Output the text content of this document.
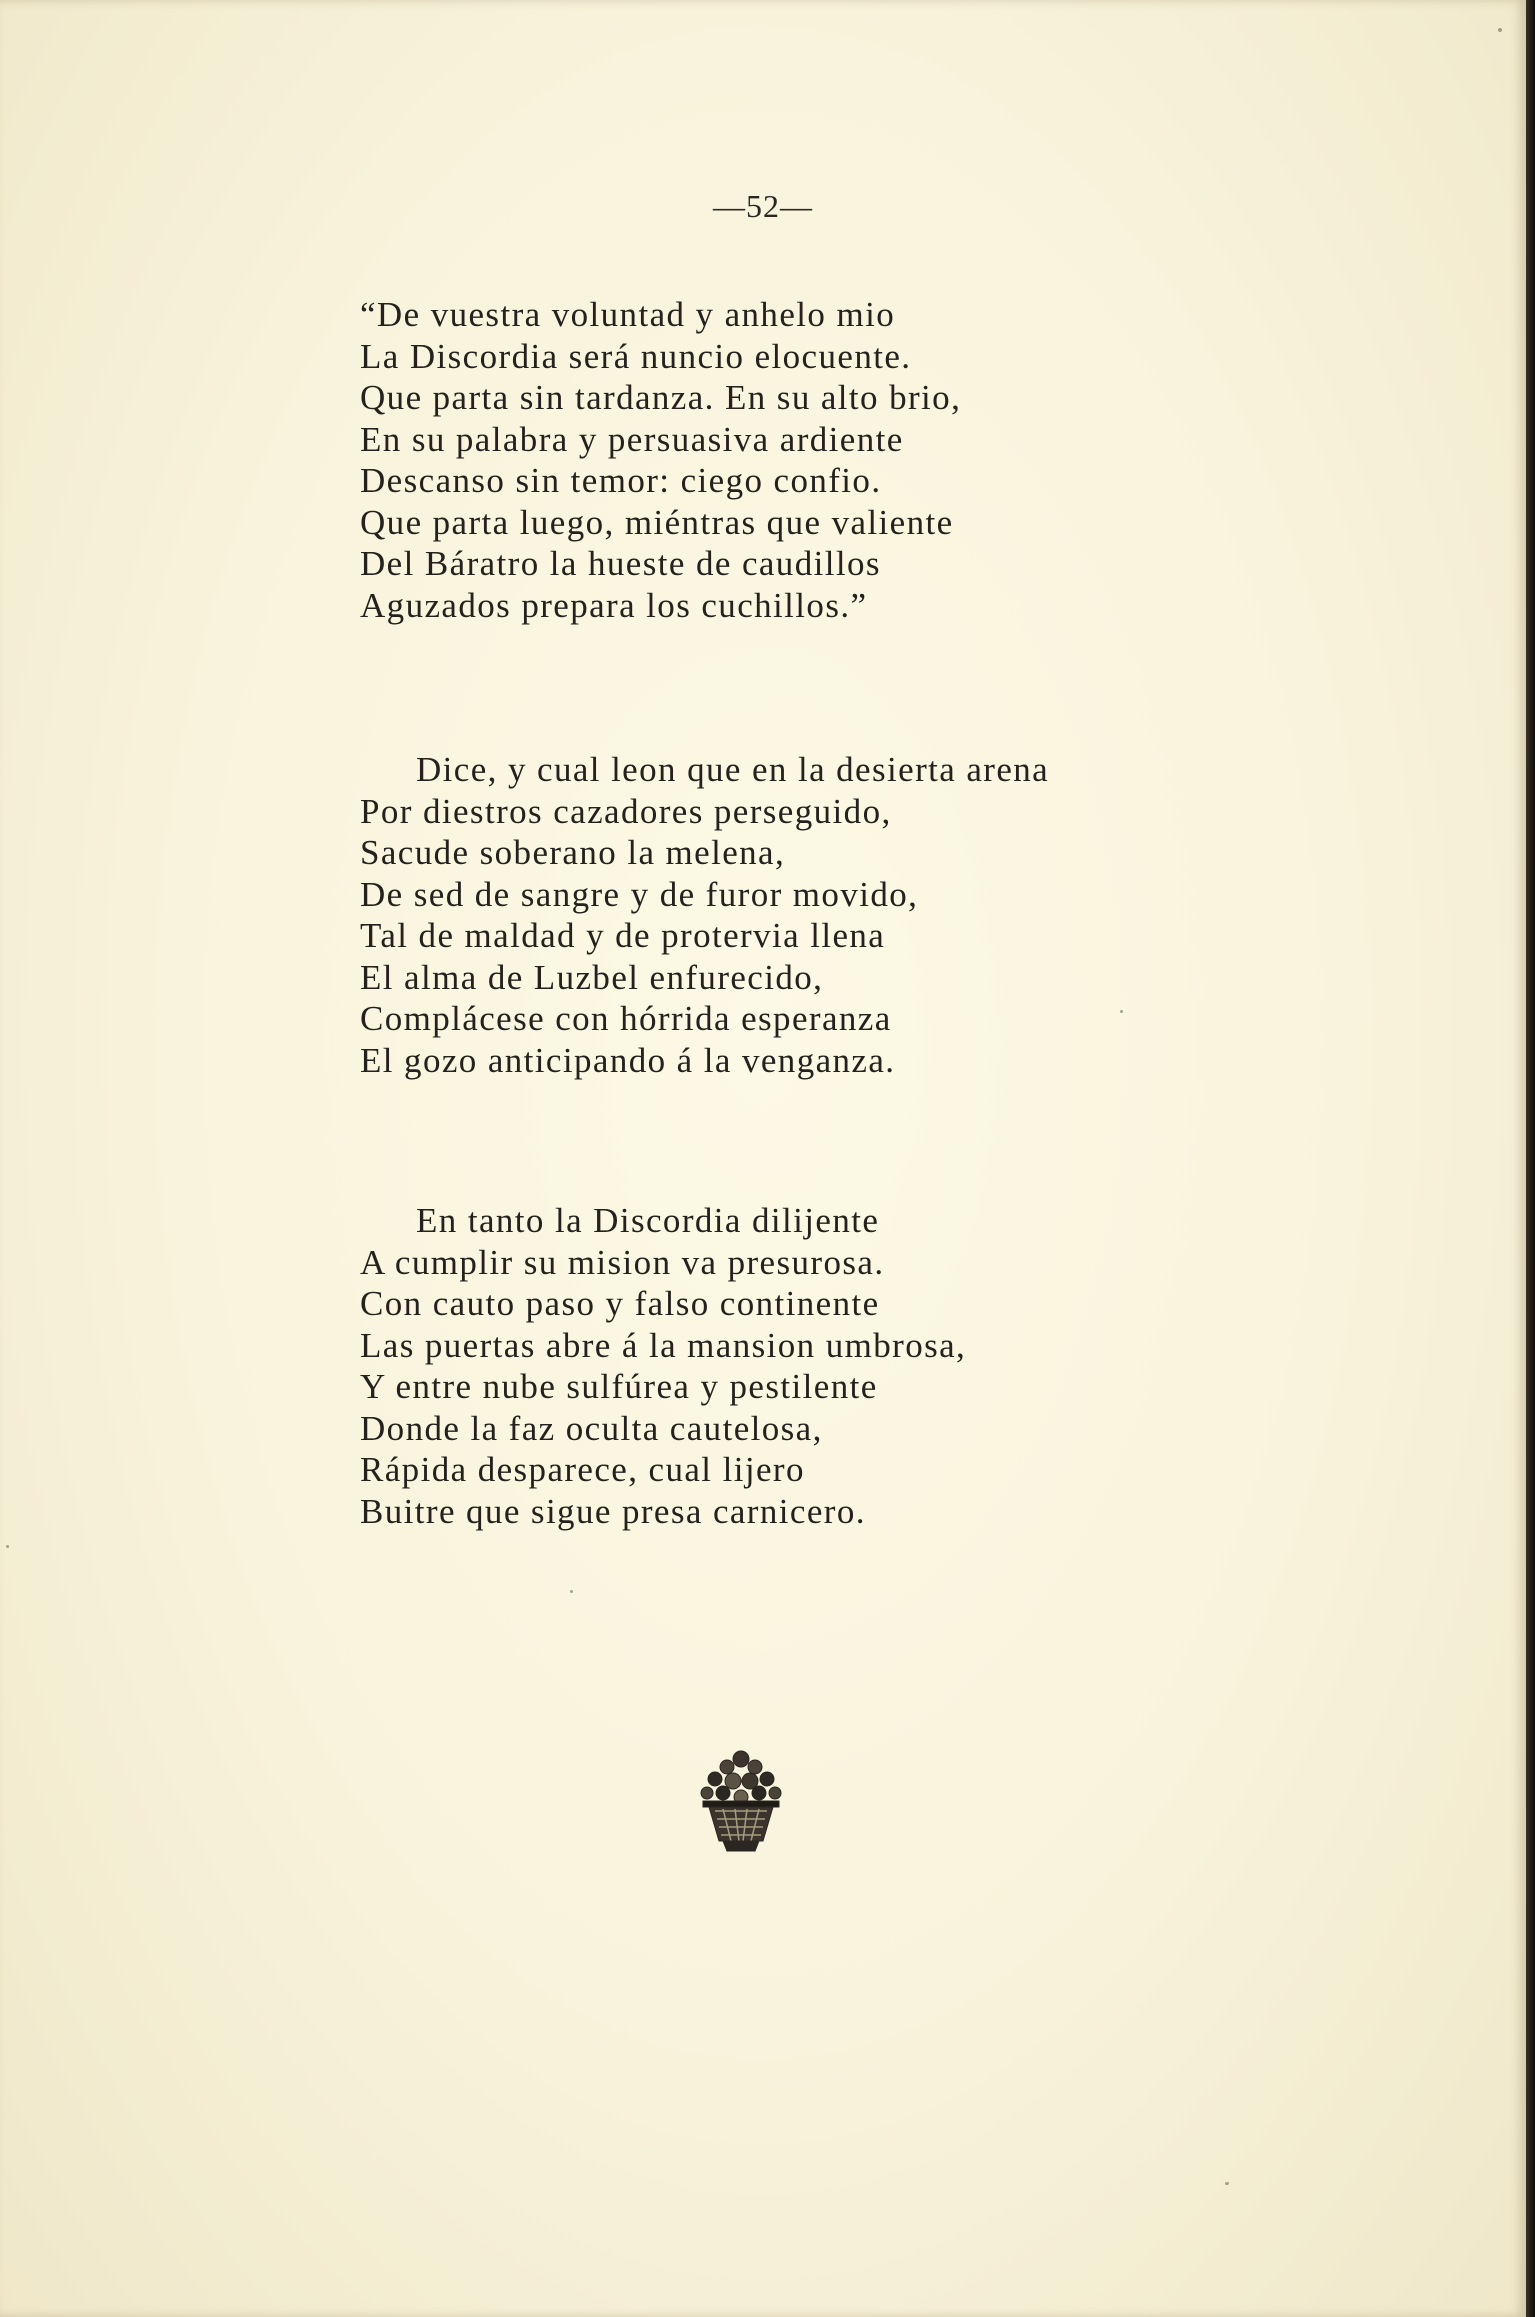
—52—
“De vuestra voluntad y anhelo mio
La Discordia será nuncio elocuente.
Que parta sin tardanza. En su alto brio,
En su palabra y persuasiva ardiente
Descanso sin temor: ciego confio.
Que parta luego, miéntras que valiente
Del Báratro la hueste de caudillos
Aguzados prepara los cuchillos.”
Dice, y cual leon que en la desierta arena
Por diestros cazadores perseguido,
Sacude soberano la melena,
De sed de sangre y de furor movido,
Tal de maldad y de protervia llena
El alma de Luzbel enfurecido,
Complácese con hórrida esperanza
El gozo anticipando á la venganza.
En tanto la Discordia dilijente
A cumplir su mision va presurosa.
Con cauto paso y falso continente
Las puertas abre á la mansion umbrosa,
Y entre nube sulfúrea y pestilente
Donde la faz oculta cautelosa,
Rápida desparece, cual lijero
Buitre que sigue presa carnicero.
